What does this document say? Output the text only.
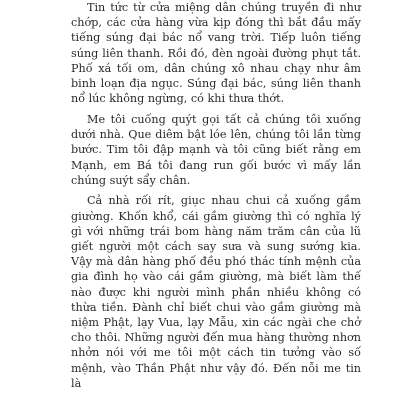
Tin tức từ cửa miệng dân chúng truyền đi như chớp, các cửa hàng vừa kịp đóng thì bắt đầu mấy tiếng súng đại bác nổ vang trời. Tiếp luôn tiếng súng liên thanh. Rồi đó, đèn ngoài đường phụt tắt. Phố xá tối om, dân chúng xô nhau chạy như âm binh loạn địa ngục. Súng đại bác, súng liên thanh nổ lúc không ngừng, có khi thưa thớt.

Me tôi cuống quýt gọi tất cả chúng tôi xuống dưới nhà. Que diêm bật lóe lên, chúng tôi lần từng bước. Tim tôi đập mạnh và tôi cũng biết rằng em Mạnh, em Bá tôi đang run gối bước vì mấy lần chúng suýt sẩy chân.

Cả nhà rối rít, giục nhau chui cả xuống gầm giường. Khốn khổ, cái gầm giường thì có nghĩa lý gì với những trái bom hàng năm trăm cân của lũ giết người một cách say sưa và sung sướng kia. Vậy mà dân hàng phố đều phó thác tính mệnh của gia đình họ vào cái gầm giường, mà biết làm thế nào được khi người mình phần nhiều không có thừa tiền. Đành chỉ biết chui vào gầm giường mà niệm Phật, lạy Vua, lạy Mẫu, xin các ngài che chở cho thôi. Những người đến mua hàng thường nhơn nhởn nói với me tôi một cách tin tưởng vào số mệnh, vào Thần Phật như vậy đó. Đến nỗi me tin là
